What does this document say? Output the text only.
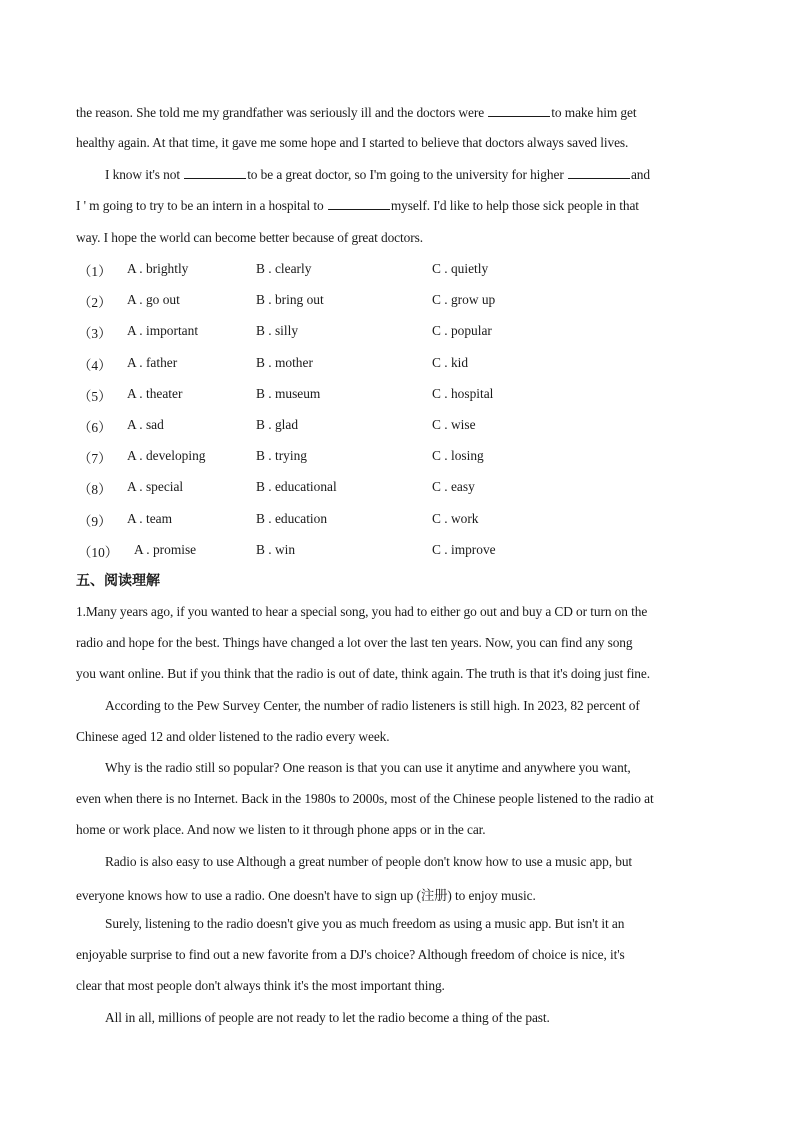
the reason. She told me my grandfather was seriously ill and the doctors were	to make him get
healthy again. At that time, it gave me some hope and I started to believe that doctors always saved lives.
I know it's not	to be a great doctor, so I'm going to the university for higher	and
I ' m going to try to be an intern in a hospital to	myself. I'd like to help those sick people in that
way. I hope the world can become better because of great doctors.
（1） A . brightly	B . clearly	C . quietly
（2） A . go out	B . bring out	C . grow up
（3） A . important	B . silly	C . popular
（4） A . father	B . mother	C . kid
（5） A . theater	B . museum	C . hospital
（6） A . sad	B . glad	C . wise
（7） A . developing	B . trying	C . losing
（8） A . special	B . educational	C . easy
（9） A . team	B . education	C . work
（10） A . promise	B . win	C . improve
五、阅读理解
1.Many years ago, if you wanted to hear a special song, you had to either go out and buy a CD or turn on the
radio and hope for the best. Things have changed a lot over the last ten years. Now, you can find any song
you want online. But if you think that the radio is out of date, think again. The truth is that it's doing just fine.
According to the Pew Survey Center, the number of radio listeners is still high. In 2023, 82 percent of
Chinese aged 12 and older listened to the radio every week.
Why is the radio still so popular? One reason is that you can use it anytime and anywhere you want,
even when there is no Internet. Back in the 1980s to 2000s, most of the Chinese people listened to the radio at
home or work place. And now we listen to it through phone apps or in the car.
Radio is also easy to use Although a great number of people don't know how to use a music app, but
everyone knows how to use a radio. One doesn't have to sign up (注册) to enjoy music.
Surely, listening to the radio doesn't give you as much freedom as using a music app. But isn't it an
enjoyable surprise to find out a new favorite from a DJ's choice? Although freedom of choice is nice, it's
clear that most people don't always think it's the most important thing.
All in all, millions of people are not ready to let the radio become a thing of the past.
